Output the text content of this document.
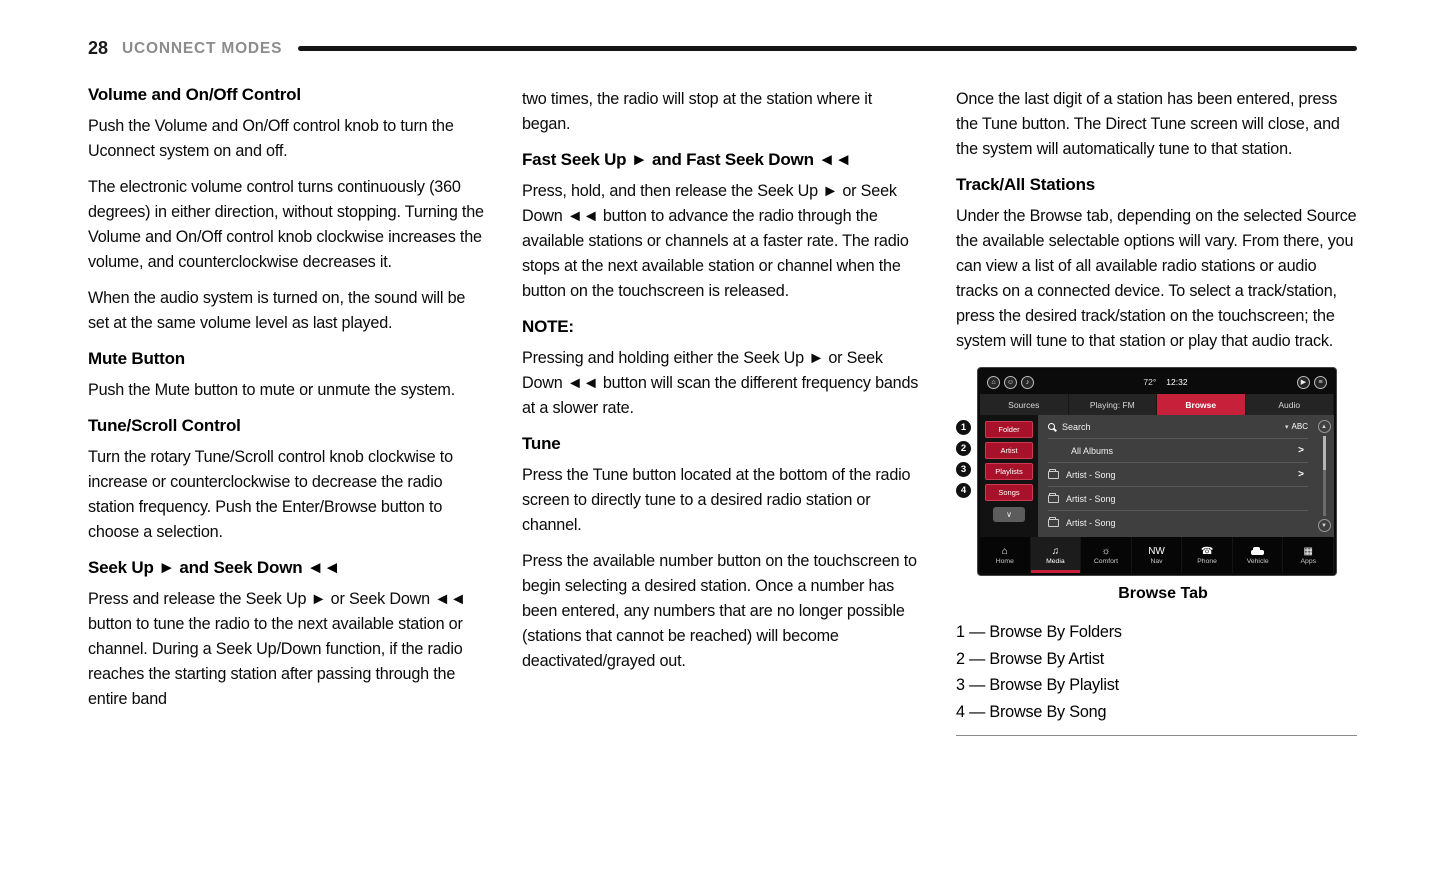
28 UCONNECT MODES
Volume and On/Off Control

Push the Volume and On/Off control knob to turn the Uconnect system on and off.

The electronic volume control turns continuously (360 degrees) in either direction, without stopping. Turning the Volume and On/Off control knob clockwise increases the volume, and counterclockwise decreases it.

When the audio system is turned on, the sound will be set at the same volume level as last played.

Mute Button

Push the Mute button to mute or unmute the system.

Tune/Scroll Control

Turn the rotary Tune/Scroll control knob clockwise to increase or counterclockwise to decrease the radio station frequency. Push the Enter/Browse button to choose a selection.

Seek Up ► and Seek Down ◄◄

Press and release the Seek Up ► or Seek Down ◄◄ button to tune the radio to the next available station or channel. During a Seek Up/Down function, if the radio reaches the starting station after passing through the entire band

two times, the radio will stop at the station where it began.

Fast Seek Up ► and Fast Seek Down ◄◄

Press, hold, and then release the Seek Up ► or Seek Down ◄◄ button to advance the radio through the available stations or channels at a faster rate. The radio stops at the next available station or channel when the button on the touchscreen is released.

NOTE:

Pressing and holding either the Seek Up ► or Seek Down ◄◄ button will scan the different frequency bands at a slower rate.

Tune

Press the Tune button located at the bottom of the radio screen to directly tune to a desired radio station or channel.

Press the available number button on the touchscreen to begin selecting a desired station. Once a number has been entered, any numbers that are no longer possible (stations that cannot be reached) will become deactivated/grayed out.

Once the last digit of a station has been entered, press the Tune button. The Direct Tune screen will close, and the system will automatically tune to that station.

Track/All Stations

Under the Browse tab, depending on the selected Source the available selectable options will vary. From there, you can view a list of all available radio stations or audio tracks on a connected device. To select a track/station, press the desired track/station on the touchscreen; the system will tune to that station or play that audio track.

1
2
3
4
⌂	☺	♪	72° 12:32	▶	≡
Sources	Playing: FM	Browse	Audio
Folder
Artist
Playlists
Songs
∨
Search	▾ ABC
All Albums	>
Artist - Song	>
Artist - Song
Artist - Song
▲
▼
⌂
Home
♫
Media
☼
Comfort
NW
Nav
☎
Phone	Vehicle
▦
Apps
Browse Tab
1 — Browse By Folders
2 — Browse By Artist
3 — Browse By Playlist
4 — Browse By Song
